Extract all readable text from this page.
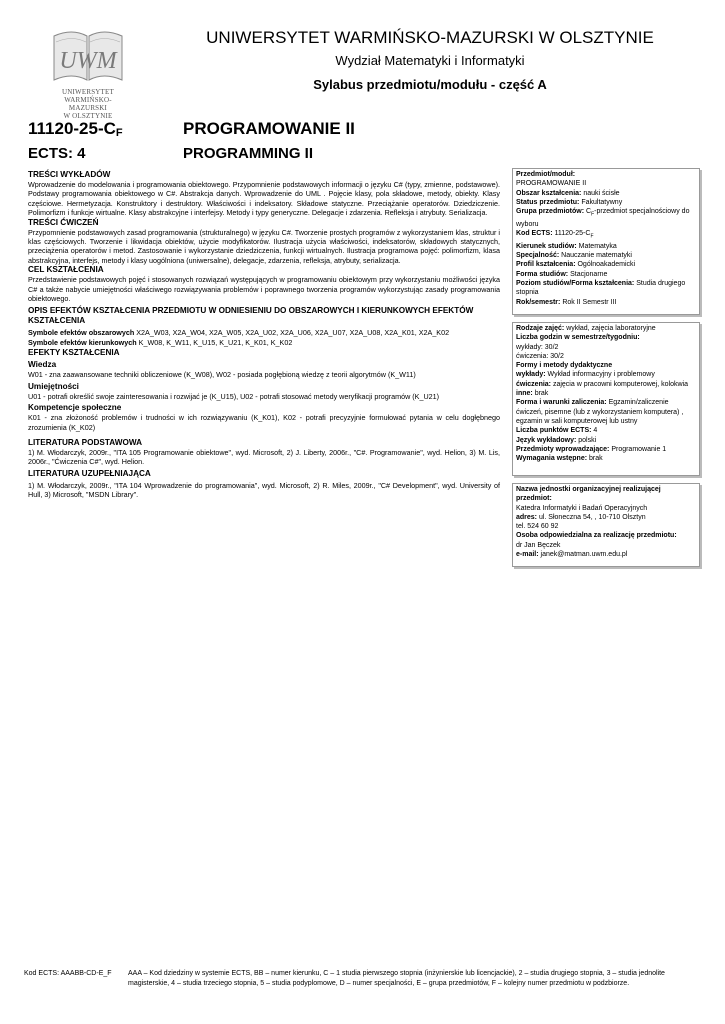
UWM
UNIWERSYTET
WARMIŃSKO-MAZURSKI
W OLSZTYNIE
UNIWERSYTET WARMIŃSKO-MAZURSKI W OLSZTYNIE
Wydział Matematyki i Informatyki
Sylabus przedmiotu/modułu - część A
$11120-25-C_F$
ECTS: 4
PROGRAMOWANIE II
PROGRAMMING II
TREŚCI WYKŁADÓW

Wprowadzenie do modelowania i programowania obiektowego. Przypomnienie podstawowych informacji o języku C# (typy, zmienne, podstawowe). Podstawy programowania obiektowego w C#. Abstrakcja danych. Wprowadzenie do UML . Pojęcie klasy, pola składowe, metody, obiekty. Klasy częściowe. Hermetyzacja. Konstruktory i destruktory. Właściwości i indeksatory. Składowe statyczne. Przeciążanie operatorów. Dziedziczenie. Polimorfizm i funkcje wirtualne. Klasy abstrakcyjne i interfejsy. Metody i typy generyczne. Delegacje i zdarzenia. Refleksja i atrybuty. Serializacja.

TREŚCI ĆWICZEŃ

Przypomnienie podstawowych zasad programowania (strukturalnego) w języku C#. Tworzenie prostych programów z wykorzystaniem klas, struktur i klas częściowych. Tworzenie i likwidacja obiektów, użycie modyfikatorów. Ilustracja użycia właściwości, indeksatorów, składowych statycznych, przeciążenia operatorów i metod. Zastosowanie i wykorzystanie dziedziczenia, funkcji wirtualnych. Ilustracja programowa pojęć: polimorfizm, klasa abstrakcyjna, interfejs, metody i klasy uogólniona (uniwersalne), delegacje, zdarzenia, refleksja, atrybuty, serializacja.

CEL KSZTAŁCENIA

Przedstawienie podstawowych pojęć i stosowanych rozwiązań występujących w programowaniu obiektowym przy wykorzystaniu możliwości języka C# a także nabycie umiejętności właściwego rozwiązywania problemów i poprawnego tworzenia programów wykorzystując zasady programowania obiektowego.

OPIS EFEKTÓW KSZTAŁCENIA PRZEDMIOTU W ODNIESIENIU DO OBSZAROWYCH I KIERUNKOWYCH EFEKTÓW KSZTAŁCENIA

Symbole efektów obszarowych X2A_W03, X2A_W04, X2A_W05, X2A_U02, X2A_U06, X2A_U07, X2A_U08, X2A_K01, X2A_K02

Symbole efektów kierunkowych K_W08, K_W11, K_U15, K_U21, K_K01, K_K02

EFEKTY KSZTAŁCENIA
Wiedza

W01 - zna zaawansowane techniki obliczeniowe (K_W08), W02 - posiada pogłębioną wiedzę z teorii algorytmów (K_W11)

Umiejętności

U01 - potrafi określić swoje zainteresowania i rozwijać je (K_U15), U02 - potrafi stosować metody weryfikacji programów (K_U21)

Kompetencje społeczne

K01 - zna złożoność problemów i trudności w ich rozwiązywaniu (K_K01), K02 - potrafi precyzyjnie formułować pytania w celu dogłębnego zrozumienia (K_K02)

LITERATURA PODSTAWOWA

1) M. Włodarczyk, 2009r., "ITA 105 Programowanie obiektowe", wyd. Microsoft, 2) J. Liberty, 2006r., "C#. Programowanie", wyd. Helion, 3) M. Lis, 2006r., "Ćwiczenia C#", wyd. Helion.

LITERATURA UZUPEŁNIAJĄCA

1) M. Włodarczyk, 2009r., "ITA 104 Wprowadzenie do programowania", wyd. Microsoft, 2) R. Miles, 2009r., "C# Development", wyd. University of Hull, 3) Microsoft, "MSDN Library".

Przedmiot/moduł:
PROGRAMOWANIE II
Obszar kształcenia: nauki ścisłe
Status przedmiotu: Fakultatywny
Grupa przedmiotów: $C_F$-przedmiot specjalnościowy do wyboru
Kod ECTS: $11120-25-C_F$
Kierunek studiów: Matematyka
Specjalność: Nauczanie matematyki
Profil kształcenia: Ogólnoakademicki
Forma studiów: Stacjonarne
Poziom studiów/Forma kształcenia: Studia drugiego stopnia
Rok/semestr: Rok II Semestr III
Rodzaje zajęć: wykład, zajęcia laboratoryjne
Liczba godzin w semestrze/tygodniu:
wykłady: 30/2
ćwiczenia: 30/2
Formy i metody dydaktyczne
wykłady: Wykład informacyjny i problemowy
ćwiczenia: zajęcia w pracowni komputerowej, kolokwia
inne: brak
Forma i warunki zaliczenia: Egzamin/zaliczenie ćwiczeń, pisemne (lub z wykorzystaniem komputera) , egzamin w sali komputerowej lub ustny
Liczba punktów ECTS: 4
Język wykładowy: polski
Przedmioty wprowadzające: Programowanie 1
Wymagania wstępne: brak
Nazwa jednostki organizacyjnej realizującej przedmiot:
Katedra Informatyki i Badań Operacyjnych
adres: ul. Słoneczna 54, , 10-710 Olsztyn
tel. 524 60 92
Osoba odpowiedzialna za realizację przedmiotu:
dr Jan Bęczek
e-mail: janek@matman.uwm.edu.pl
Kod ECTS: AAABB-CD-E_F	AAA – Kod dziedziny w systemie ECTS, BB – numer kierunku, C – 1 studia pierwszego stopnia (inżynierskie lub licencjackie), 2 – studia drugiego stopnia, 3 – studia jednolite magisterskie, 4 – studia trzeciego stopnia, 5 – studia podyplomowe, D – numer specjalności, E – grupa przedmiotów, F – kolejny numer przedmiotu w podzbiorze.
